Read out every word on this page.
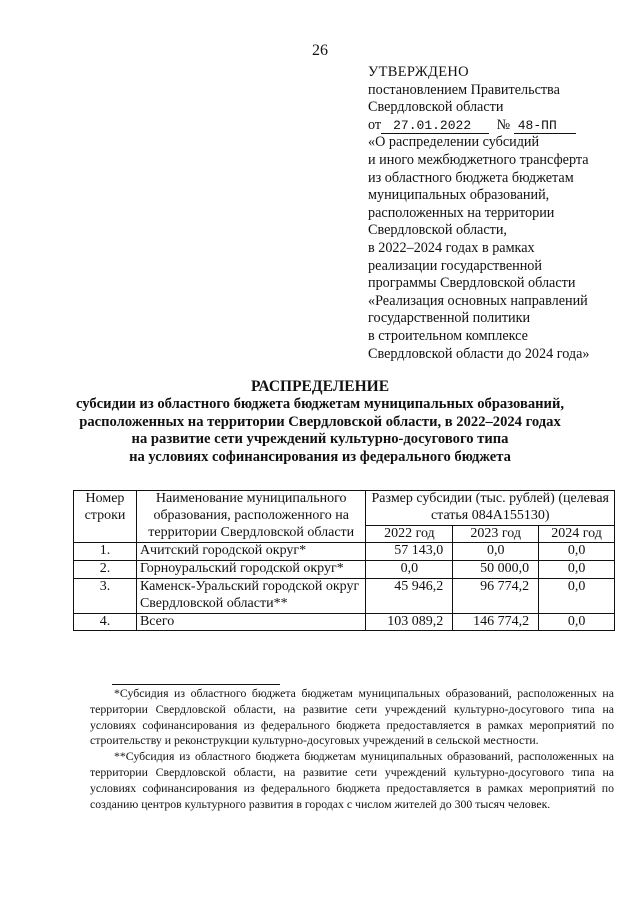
26
УТВЕРЖДЕНО
постановлением Правительства
Свердловской области
от 27.01.2022 № 48-ПП
«О распределении субсидий
и иного межбюджетного трансферта
из областного бюджета бюджетам
муниципальных образований,
расположенных на территории
Свердловской области,
в 2022–2024 годах в рамках
реализации государственной
программы Свердловской области
«Реализация основных направлений
государственной политики
в строительном комплексе
Свердловской области до 2024 года»
РАСПРЕДЕЛЕНИЕ
субсидии из областного бюджета бюджетам муниципальных образований,
расположенных на территории Свердловской области, в 2022–2024 годах
на развитие сети учреждений культурно-досугового типа
на условиях софинансирования из федерального бюджета
Номер строки	Наименование муниципального образования, расположенного на территории Свердловской области	Размер субсидии (тыс. рублей) (целевая статья 084А155130)		
		2022 год	2023 год	2024 год
1.	Ачитский городской округ*	57 143,0	0,0	0,0
2.	Горноуральский городской округ*	0,0	50 000,0	0,0
3.	Каменск-Уральский городской округ Свердловской области**	45 946,2	96 774,2	0,0
4.	Всего	103 089,2	146 774,2	0,0

*Субсидия из областного бюджета бюджетам муниципальных образований, расположенных на территории Свердловской области, на развитие сети учреждений культурно-досугового типа на условиях софинансирования из федерального бюджета предоставляется в рамках мероприятий по строительству и реконструкции культурно-досуговых учреждений в сельской местности.

**Субсидия из областного бюджета бюджетам муниципальных образований, расположенных на территории Свердловской области, на развитие сети учреждений культурно-досугового типа на условиях софинансирования из федерального бюджета предоставляется в рамках мероприятий по созданию центров культурного развития в городах с числом жителей до 300 тысяч человек.
